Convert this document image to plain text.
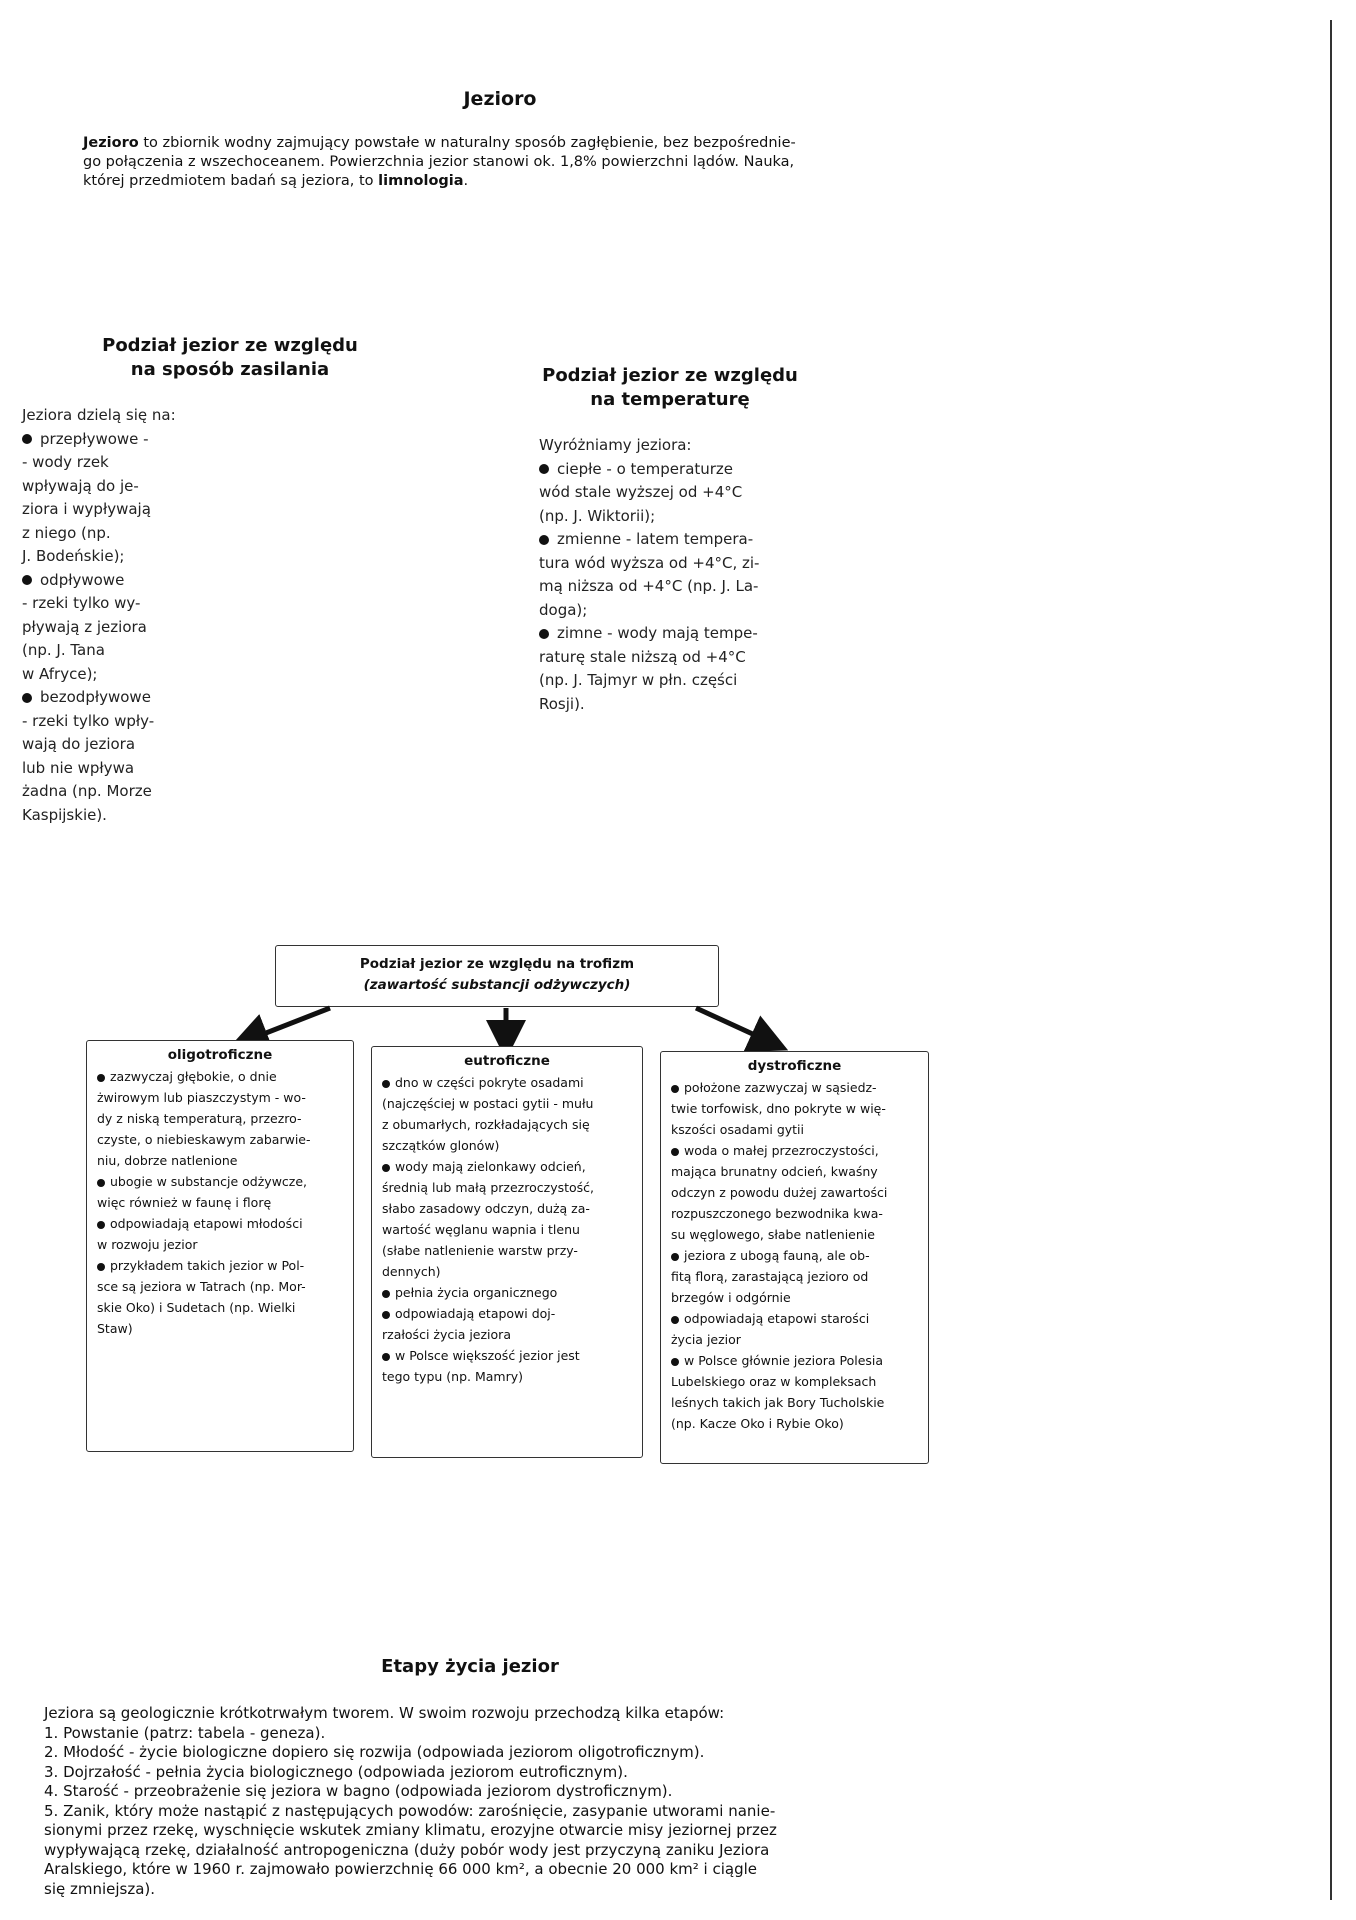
Jezioro
Jezioro to zbiornik wodny zajmujący powstałe w naturalny sposób zagłębienie, bez bezpośrednie-
go połączenia z wszechoceanem. Powierzchnia jezior stanowi ok. 1,8% powierzchni lądów. Nauka,
której przedmiotem badań są jeziora, to limnologia.
Podział jezior ze względu
na sposób zasilania
Jeziora dzielą się na:
przepływowe -
- wody rzek
wpływają do je-
ziora i wypływają
z niego (np.
J. Bodeńskie);
odpływowe
- rzeki tylko wy-
pływają z jeziora
(np. J. Tana
w Afryce);
bezodpływowe
- rzeki tylko wpły-
wają do jeziora
lub nie wpływa
żadna (np. Morze
Kaspijskie).
Podział jezior ze względu
na temperaturę
Wyróżniamy jeziora:
ciepłe - o temperaturze
wód stale wyższej od +4°C
(np. J. Wiktorii);
zmienne - latem tempera-
tura wód wyższa od +4°C, zi-
mą niższa od +4°C (np. J. La-
doga);
zimne - wody mają tempe-
raturę stale niższą od +4°C
(np. J. Tajmyr w płn. części
Rosji).
Podział jezior ze względu na trofizm
(zawartość substancji odżywczych)
oligotroficzne
zazwyczaj głębokie, o dnie
żwirowym lub piaszczystym - wo-
dy z niską temperaturą, przezro-
czyste, o niebieskawym zabarwie-
niu, dobrze natlenione
ubogie w substancje odżywcze,
więc również w faunę i florę
odpowiadają etapowi młodości
w rozwoju jezior
przykładem takich jezior w Pol-
sce są jeziora w Tatrach (np. Mor-
skie Oko) i Sudetach (np. Wielki
Staw)
eutroficzne
dno w części pokryte osadami
(najczęściej w postaci gytii - mułu
z obumarłych, rozkładających się
szczątków glonów)
wody mają zielonkawy odcień,
średnią lub małą przezroczystość,
słabo zasadowy odczyn, dużą za-
wartość węglanu wapnia i tlenu
(słabe natlenienie warstw przy-
dennych)
pełnia życia organicznego
odpowiadają etapowi doj-
rzałości życia jeziora
w Polsce większość jezior jest
tego typu (np. Mamry)
dystroficzne
położone zazwyczaj w sąsiedz-
twie torfowisk, dno pokryte w wię-
kszości osadami gytii
woda o małej przezroczystości,
mająca brunatny odcień, kwaśny
odczyn z powodu dużej zawartości
rozpuszczonego bezwodnika kwa-
su węglowego, słabe natlenienie
jeziora z ubogą fauną, ale ob-
fitą florą, zarastającą jezioro od
brzegów i odgórnie
odpowiadają etapowi starości
życia jezior
w Polsce głównie jeziora Polesia
Lubelskiego oraz w kompleksach
leśnych takich jak Bory Tucholskie
(np. Kacze Oko i Rybie Oko)
Etapy życia jezior

Jeziora są geologicznie krótkotrwałym tworem. W swoim rozwoju przechodzą kilka etapów:

1. Powstanie (patrz: tabela - geneza).

2. Młodość - życie biologiczne dopiero się rozwija (odpowiada jeziorom oligotroficznym).

3. Dojrzałość - pełnia życia biologicznego (odpowiada jeziorom eutroficznym).

4. Starość - przeobrażenie się jeziora w bagno (odpowiada jeziorom dystroficznym).

5. Zanik, który może nastąpić z następujących powodów: zarośnięcie, zasypanie utworami nanie-

sionymi przez rzekę, wyschnięcie wskutek zmiany klimatu, erozyjne otwarcie misy jeziornej przez

wypływającą rzekę, działalność antropogeniczna (duży pobór wody jest przyczyną zaniku Jeziora

Aralskiego, które w 1960 r. zajmowało powierzchnię 66 000 km², a obecnie 20 000 km² i ciągle

się zmniejsza).
